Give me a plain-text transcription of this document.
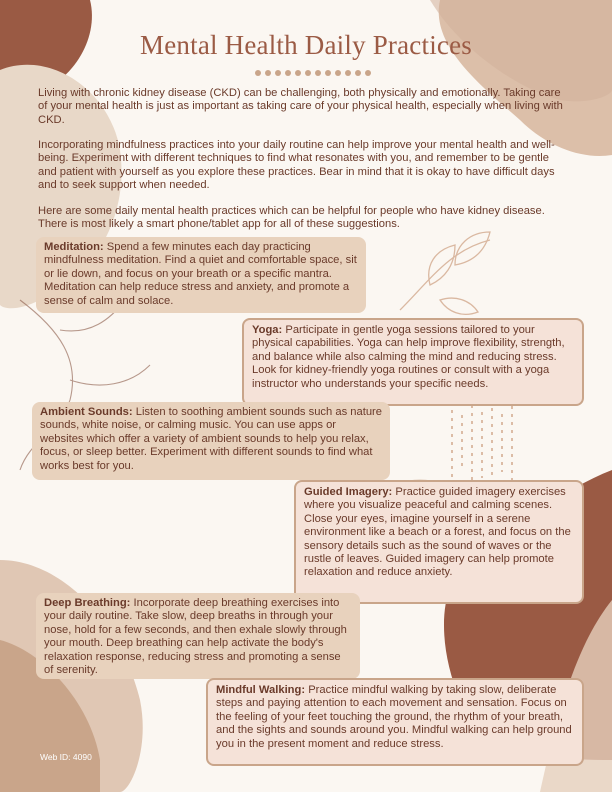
Mental Health Daily Practices
Living with chronic kidney disease (CKD) can be challenging, both physically and emotionally. Taking care of your mental health is just as important as taking care of your physical health, especially when living with CKD.
Incorporating mindfulness practices into your daily routine can help improve your mental health and well-being. Experiment with different techniques to find what resonates with you, and remember to be gentle and patient with yourself as you explore these practices. Bear in mind that it is okay to have difficult days and to seek support when needed.
Here are some daily mental health practices which can be helpful for people who have kidney disease. There is most likely a smart phone/tablet app for all of these suggestions.
Meditation: Spend a few minutes each day practicing mindfulness meditation. Find a quiet and comfortable space, sit or lie down, and focus on your breath or a specific mantra. Meditation can help reduce stress and anxiety, and promote a sense of calm and solace.
Yoga: Participate in gentle yoga sessions tailored to your physical capabilities. Yoga can help improve flexibility, strength, and balance while also calming the mind and reducing stress. Look for kidney-friendly yoga routines or consult with a yoga instructor who understands your specific needs.
Ambient Sounds: Listen to soothing ambient sounds such as nature sounds, white noise, or calming music. You can use apps or websites which offer a variety of ambient sounds to help you relax, focus, or sleep better. Experiment with different sounds to find what works best for you.
Guided Imagery: Practice guided imagery exercises where you visualize peaceful and calming scenes. Close your eyes, imagine yourself in a serene environment like a beach or a forest, and focus on the sensory details such as the sound of waves or the rustle of leaves. Guided imagery can help promote relaxation and reduce anxiety.
Deep Breathing: Incorporate deep breathing exercises into your daily routine. Take slow, deep breaths in through your nose, hold for a few seconds, and then exhale slowly through your mouth. Deep breathing can help activate the body's relaxation response, reducing stress and promoting a sense of serenity.
Mindful Walking: Practice mindful walking by taking slow, deliberate steps and paying attention to each movement and sensation. Focus on the feeling of your feet touching the ground, the rhythm of your breath, and the sights and sounds around you. Mindful walking can help ground you in the present moment and reduce stress.
Web ID: 4090
